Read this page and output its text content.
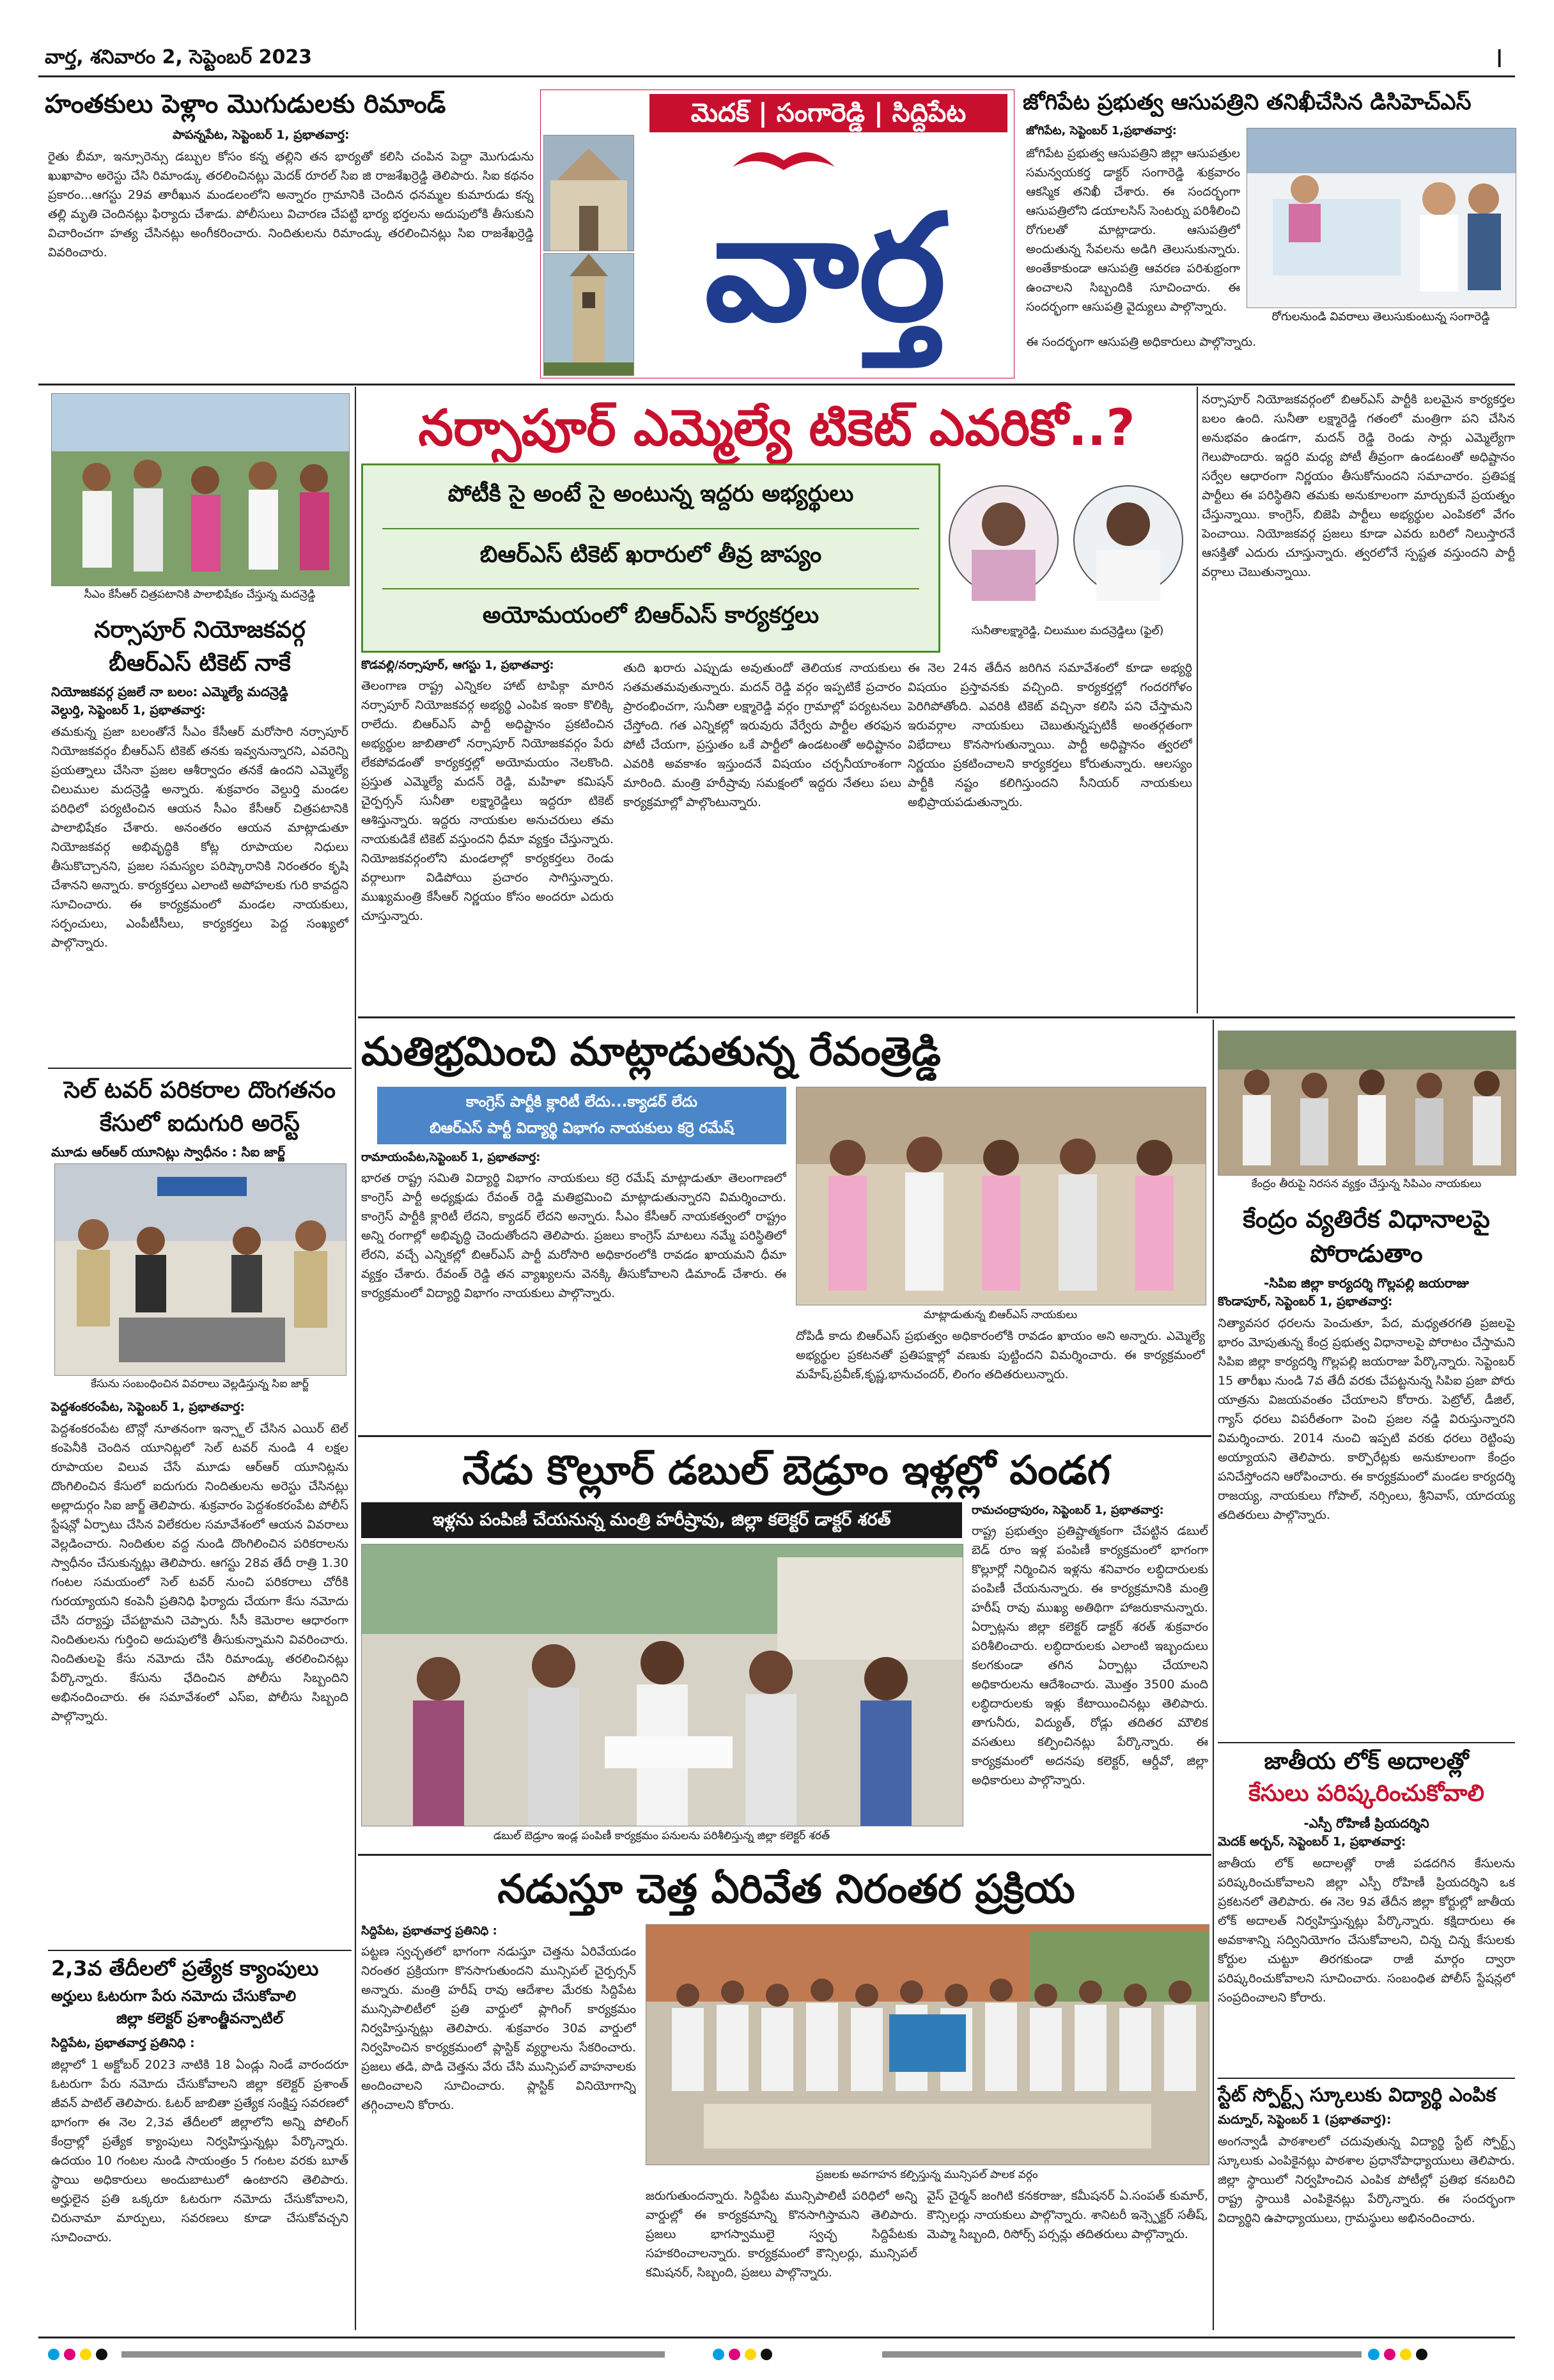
వార్త, శనివారం 2, సెప్టెంబర్ 2023	I
హంతకులు పెళ్లాం మొగుడులకు రిమాండ్
పాపన్నపేట, సెప్టెంబర్ 1, ప్రభాతవార్త:
రైతు బీమా, ఇన్సూరెన్సు డబ్బుల కోసం కన్న తల్లిని తన భార్యతో కలిసి చంపిన పెద్దా మొగుడును ఖుఖాపాం అరెస్టు చేసి రిమాండ్కు తరలించినట్లు మెదక్ రూరల్ సిఐ జి రాజశేఖర్రెడ్డి తెలిపారు. సిఐ కథనం ప్రకారం...ఆగస్టు 29వ తారీఖున మండలంలోని అన్నారం గ్రామానికి చెందిన ధనమ్మల కుమారుడు కన్న తల్లి మృతి చెందినట్లు ఫిర్యాదు చేశాడు. పోలీసులు విచారణ చేపట్టి భార్య భర్తలను అదుపులోకి తీసుకుని విచారించగా హత్య చేసినట్లు అంగీకరించారు. నిందితులను రిమాండ్కు తరలించినట్లు సిఐ రాజశేఖర్రెడ్డి వివరించారు.
మెదక్ | సంగారెడ్డి | సిద్దిపేట
వార్త
జోగిపేట ప్రభుత్వ ఆసుపత్రిని తనిఖీచేసిన డిసిహెచ్ఎస్
జోగిపేట, సెప్టెంబర్ 1,ప్రభాతవార్త:
జోగిపేట ప్రభుత్వ ఆసుపత్రిని జిల్లా ఆసుపత్రుల సమన్వయకర్త డాక్టర్ సంగారెడ్డి శుక్రవారం ఆకస్మిక తనిఖీ చేశారు. ఈ సందర్భంగా ఆసుపత్రిలోని డయాలసిస్ సెంటర్ను పరిశీలించి రోగులతో మాట్లాడారు. ఆసుపత్రిలో అందుతున్న సేవలను అడిగి తెలుసుకున్నారు. అంతేకాకుండా ఆసుపత్రి ఆవరణ పరిశుభ్రంగా ఉంచాలని సిబ్బందికి సూచించారు. ఈ సందర్భంగా ఆసుపత్రి వైద్యులు పాల్గొన్నారు.
రోగులనుండి వివరాలు తెలుసుకుంటున్న సంగారెడ్డి
ఈ సందర్భంగా ఆసుపత్రి అధికారులు పాల్గొన్నారు.
సీఎం కేసీఆర్ చిత్రపటానికి పాలాభిషేకం చేస్తున్న మదన్రెడ్డి
నర్సాపూర్ నియోజకవర్గ బీఆర్ఎస్ టికెట్ నాకే
నియోజకవర్గ ప్రజలే నా బలం: ఎమ్మెల్యే మదన్రెడ్డి
వెల్దుర్తి, సెప్టెంబర్ 1, ప్రభాతవార్త:
తమకున్న ప్రజా బలంతోనే సీఎం కేసీఆర్ మరోసారి నర్సాపూర్ నియోజకవర్గం బీఆర్ఎస్ టికెట్ తనకు ఇవ్వనున్నారని, ఎవరెన్ని ప్రయత్నాలు చేసినా ప్రజల ఆశీర్వాదం తనకే ఉందని ఎమ్మెల్యే చిలుముల మదన్రెడ్డి అన్నారు. శుక్రవారం వెల్దుర్తి మండల పరిధిలో పర్యటించిన ఆయన సీఎం కేసీఆర్ చిత్రపటానికి పాలాభిషేకం చేశారు. అనంతరం ఆయన మాట్లాడుతూ నియోజకవర్గ అభివృద్ధికి కోట్ల రూపాయల నిధులు తీసుకొచ్చానని, ప్రజల సమస్యల పరిష్కారానికి నిరంతరం కృషి చేశానని అన్నారు. కార్యకర్తలు ఎలాంటి అపోహలకు గురి కావద్దని సూచించారు. ఈ కార్యక్రమంలో మండల నాయకులు, సర్పంచులు, ఎంపీటీసీలు, కార్యకర్తలు పెద్ద సంఖ్యలో పాల్గొన్నారు.
సెల్ టవర్ పరికరాల దొంగతనం కేసులో ఐదుగురి అరెస్ట్
మూడు ఆర్ఆర్ యూనిట్లు స్వాధీనం : సిఐ జార్జ్
కేసును సంబంధించిన వివరాలు వెల్లడిస్తున్న సిఐ జార్జ్
పెద్దశంకరంపేట, సెప్టెంబర్ 1, ప్రభాతవార్త:
పెద్దశంకరంపేట టౌన్లో నూతనంగా ఇన్స్టాల్ చేసిన ఎయిర్ టెల్ కంపెనీకి చెందిన యూనిట్లలో సెల్ టవర్ నుండి 4 లక్షల రూపాయల విలువ చేసే మూడు ఆర్ఆర్ యూనిట్లను దొంగిలించిన కేసులో ఐదుగురు నిందితులను అరెస్టు చేసినట్లు అల్లాదుర్గం సిఐ జార్జ్ తెలిపారు. శుక్రవారం పెద్దశంకరంపేట పోలీస్ స్టేషన్లో ఏర్పాటు చేసిన విలేకరుల సమావేశంలో ఆయన వివరాలు వెల్లడించారు. నిందితుల వద్ద నుండి దొంగిలించిన పరికరాలను స్వాధీనం చేసుకున్నట్లు తెలిపారు. ఆగస్టు 28వ తేదీ రాత్రి 1.30 గంటల సమయంలో సెల్ టవర్ నుంచి పరికరాలు చోరీకి గురయ్యాయని కంపెనీ ప్రతినిధి ఫిర్యాదు చేయగా కేసు నమోదు చేసి దర్యాప్తు చేపట్టామని చెప్పారు. సీసీ కెమెరాల ఆధారంగా నిందితులను గుర్తించి అదుపులోకి తీసుకున్నామని వివరించారు. నిందితులపై కేసు నమోదు చేసి రిమాండ్కు తరలించినట్లు పేర్కొన్నారు. కేసును ఛేదించిన పోలీసు సిబ్బందిని అభినందించారు. ఈ సమావేశంలో ఎస్ఐ, పోలీసు సిబ్బంది పాల్గొన్నారు.
2,3వ తేదీలలో ప్రత్యేక క్యాంపులు
అర్హులు ఓటరుగా పేరు నమోదు చేసుకోవాలి
జిల్లా కలెక్టర్ ప్రశాంత్జీవన్పాటిల్
సిద్దిపేట, ప్రభాతవార్త ప్రతినిధి :
జిల్లాలో 1 అక్టోబర్ 2023 నాటికి 18 ఏండ్లు నిండే వారందరూ ఓటరుగా పేరు నమోదు చేసుకోవాలని జిల్లా కలెక్టర్ ప్రశాంత్ జీవన్ పాటిల్ తెలిపారు. ఓటర్ జాబితా ప్రత్యేక సంక్షిప్త సవరణలో భాగంగా ఈ నెల 2,3వ తేదీలలో జిల్లాలోని అన్ని పోలింగ్ కేంద్రాల్లో ప్రత్యేక క్యాంపులు నిర్వహిస్తున్నట్లు పేర్కొన్నారు. ఉదయం 10 గంటల నుండి సాయంత్రం 5 గంటల వరకు బూత్ స్థాయి అధికారులు అందుబాటులో ఉంటారని తెలిపారు. అర్హులైన ప్రతి ఒక్కరూ ఓటరుగా నమోదు చేసుకోవాలని, చిరునామా మార్పులు, సవరణలు కూడా చేసుకోవచ్చని సూచించారు.
నర్సాపూర్ ఎమ్మెల్యే టికెట్ ఎవరికో..?
పోటీకి సై అంటే సై అంటున్న ఇద్దరు అభ్యర్థులు
బిఆర్ఎస్ టికెట్ ఖరారులో తీవ్ర జాప్యం
అయోమయంలో బిఆర్ఎస్ కార్యకర్తలు
సునీతాలక్ష్మారెడ్డి, చిలుముల మదన్రెడ్డిలు (ఫైల్)
కొడవల్లి/నర్సాపూర్, ఆగస్టు 1, ప్రభాతవార్త:
తెలంగాణ రాష్ట్ర ఎన్నికల హాట్ టాపిక్గా మారిన నర్సాపూర్ నియోజకవర్గ అభ్యర్థి ఎంపిక ఇంకా కొలిక్కి రాలేదు. బిఆర్ఎస్ పార్టీ అధిష్టానం ప్రకటించిన అభ్యర్థుల జాబితాలో నర్సాపూర్ నియోజకవర్గం పేరు లేకపోవడంతో కార్యకర్తల్లో అయోమయం నెలకొంది. ప్రస్తుత ఎమ్మెల్యే మదన్ రెడ్డి, మహిళా కమిషన్ చైర్పర్సన్ సునీతా లక్ష్మారెడ్డిలు ఇద్దరూ టికెట్ ఆశిస్తున్నారు. ఇద్దరు నాయకుల అనుచరులు తమ నాయకుడికే టికెట్ వస్తుందని ధీమా వ్యక్తం చేస్తున్నారు. నియోజకవర్గంలోని మండలాల్లో కార్యకర్తలు రెండు వర్గాలుగా విడిపోయి ప్రచారం సాగిస్తున్నారు. ముఖ్యమంత్రి కేసీఆర్ నిర్ణయం కోసం అందరూ ఎదురు చూస్తున్నారు.
తుది ఖరారు ఎప్పుడు అవుతుందో తెలియక నాయకులు సతమతమవుతున్నారు. మదన్ రెడ్డి వర్గం ఇప్పటికే ప్రచారం ప్రారంభించగా, సునీతా లక్ష్మారెడ్డి వర్గం గ్రామాల్లో పర్యటనలు చేస్తోంది. గత ఎన్నికల్లో ఇరువురు వేర్వేరు పార్టీల తరఫున పోటీ చేయగా, ప్రస్తుతం ఒకే పార్టీలో ఉండటంతో అధిష్టానం ఎవరికి అవకాశం ఇస్తుందనే విషయం చర్చనీయాంశంగా మారింది. మంత్రి హరీష్రావు సమక్షంలో ఇద్దరు నేతలు పలు కార్యక్రమాల్లో పాల్గొంటున్నారు.
ఈ నెల 24న తేదీన జరిగిన సమావేశంలో కూడా అభ్యర్థి విషయం ప్రస్తావనకు వచ్చింది. కార్యకర్తల్లో గందరగోళం పెరిగిపోతోంది. ఎవరికి టికెట్ వచ్చినా కలిసి పని చేస్తామని ఇరువర్గాల నాయకులు చెబుతున్నప్పటికీ అంతర్గతంగా విభేదాలు కొనసాగుతున్నాయి. పార్టీ అధిష్టానం త్వరలో నిర్ణయం ప్రకటించాలని కార్యకర్తలు కోరుతున్నారు. ఆలస్యం పార్టీకి నష్టం కలిగిస్తుందని సీనియర్ నాయకులు అభిప్రాయపడుతున్నారు.
నర్సాపూర్ నియోజకవర్గంలో బిఆర్ఎస్ పార్టీకి బలమైన కార్యకర్తల బలం ఉంది. సునీతా లక్ష్మారెడ్డి గతంలో మంత్రిగా పని చేసిన అనుభవం ఉండగా, మదన్ రెడ్డి రెండు సార్లు ఎమ్మెల్యేగా గెలుపొందారు. ఇద్దరి మధ్య పోటీ తీవ్రంగా ఉండటంతో అధిష్టానం సర్వేల ఆధారంగా నిర్ణయం తీసుకోనుందని సమాచారం. ప్రతిపక్ష పార్టీలు ఈ పరిస్థితిని తమకు అనుకూలంగా మార్చుకునే ప్రయత్నం చేస్తున్నాయి. కాంగ్రెస్, బిజెపి పార్టీలు అభ్యర్థుల ఎంపికలో వేగం పెంచాయి. నియోజకవర్గ ప్రజలు కూడా ఎవరు బరిలో నిలుస్తారనే ఆసక్తితో ఎదురు చూస్తున్నారు. త్వరలోనే స్పష్టత వస్తుందని పార్టీ వర్గాలు చెబుతున్నాయి.
మతిభ్రమించి మాట్లాడుతున్న రేవంత్రెడ్డి
కాంగ్రెస్ పార్టీకి క్లారిటీ లేదు...క్యాడర్ లేదు
బిఆర్ఎస్ పార్టీ విద్యార్థి విభాగం నాయకులు కర్రె రమేష్
రామాయంపేట,సెప్టెంబర్ 1, ప్రభాతవార్త:
భారత రాష్ట్ర సమితి విద్యార్థి విభాగం నాయకులు కర్రె రమేష్ మాట్లాడుతూ తెలంగాణలో కాంగ్రెస్ పార్టీ అధ్యక్షుడు రేవంత్ రెడ్డి మతిభ్రమించి మాట్లాడుతున్నారని విమర్శించారు. కాంగ్రెస్ పార్టీకి క్లారిటీ లేదని, క్యాడర్ లేదని అన్నారు. సీఎం కేసీఆర్ నాయకత్వంలో రాష్ట్రం అన్ని రంగాల్లో అభివృద్ధి చెందుతోందని తెలిపారు. ప్రజలు కాంగ్రెస్ మాటలు నమ్మే పరిస్థితిలో లేరని, వచ్చే ఎన్నికల్లో బిఆర్ఎస్ పార్టీ మరోసారి అధికారంలోకి రావడం ఖాయమని ధీమా వ్యక్తం చేశారు. రేవంత్ రెడ్డి తన వ్యాఖ్యలను వెనక్కి తీసుకోవాలని డిమాండ్ చేశారు. ఈ కార్యక్రమంలో విద్యార్థి విభాగం నాయకులు పాల్గొన్నారు.
మాట్లాడుతున్న బిఆర్ఎస్ నాయకులు
దోపిడీ కాదు బిఆర్ఎస్ ప్రభుత్వం అధికారంలోకి రావడం ఖాయం అని అన్నారు. ఎమ్మెల్యే అభ్యర్థుల ప్రకటనతో ప్రతిపక్షాల్లో వణుకు పుట్టిందని విమర్శించారు. ఈ కార్యక్రమంలో మహేష్,ప్రవీణ్,కృష్ణ,భానుచందర్, లింగం తదితరులున్నారు.
కేంద్రం తీరుపై నిరసన వ్యక్తం చేస్తున్న సిపిఎం నాయకులు
కేంద్రం వ్యతిరేక విధానాలపై పోరాడుతాం
-సిపిఐ జిల్లా కార్యదర్శి గొల్లపల్లి జయరాజు
కొండాపూర్, సెప్టెంబర్ 1, ప్రభాతవార్త:
నిత్యావసర ధరలను పెంచుతూ, పేద, మధ్యతరగతి ప్రజలపై భారం మోపుతున్న కేంద్ర ప్రభుత్వ విధానాలపై పోరాటం చేస్తామని సిపిఐ జిల్లా కార్యదర్శి గొల్లపల్లి జయరాజు పేర్కొన్నారు. సెప్టెంబర్ 15 తారీఖు నుండి 7వ తేదీ వరకు చేపట్టనున్న సిపిఐ ప్రజా పోరు యాత్రను విజయవంతం చేయాలని కోరారు. పెట్రోల్, డీజిల్, గ్యాస్ ధరలు విపరీతంగా పెంచి ప్రజల నడ్డి విరుస్తున్నారని విమర్శించారు. 2014 నుంచి ఇప్పటి వరకు ధరలు రెట్టింపు అయ్యాయని తెలిపారు. కార్పొరేట్లకు అనుకూలంగా కేంద్రం పనిచేస్తోందని ఆరోపించారు. ఈ కార్యక్రమంలో మండల కార్యదర్శి రాజయ్య, నాయకులు గోపాల్, నర్సింలు, శ్రీనివాస్, యాదయ్య తదితరులు పాల్గొన్నారు.
జాతీయ లోక్ అదాలత్లో
కేసులు పరిష్కరించుకోవాలి
-ఎస్పీ రోహిణీ ప్రియదర్శిని
మెదక్ అర్బన్, సెప్టెంబర్ 1, ప్రభాతవార్త:
జాతీయ లోక్ అదాలత్లో రాజీ పడదగిన కేసులను పరిష్కరించుకోవాలని జిల్లా ఎస్పీ రోహిణీ ప్రియదర్శిని ఒక ప్రకటనలో తెలిపారు. ఈ నెల 9వ తేదీన జిల్లా కోర్టుల్లో జాతీయ లోక్ అదాలత్ నిర్వహిస్తున్నట్లు పేర్కొన్నారు. కక్షిదారులు ఈ అవకాశాన్ని సద్వినియోగం చేసుకోవాలని, చిన్న చిన్న కేసులకు కోర్టుల చుట్టూ తిరగకుండా రాజీ మార్గం ద్వారా పరిష్కరించుకోవాలని సూచించారు. సంబంధిత పోలీస్ స్టేషన్లలో సంప్రదించాలని కోరారు.
స్టేట్ స్పోర్ట్స్ స్కూలుకు విద్యార్థి ఎంపిక
మద్నూర్, సెప్టెంబర్ 1 (ప్రభాతవార్త):
అంగన్వాడీ పాఠశాలలో చదువుతున్న విద్యార్థి స్టేట్ స్పోర్ట్స్ స్కూలుకు ఎంపికైనట్లు పాఠశాల ప్రధానోపాధ్యాయులు తెలిపారు. జిల్లా స్థాయిలో నిర్వహించిన ఎంపిక పోటీల్లో ప్రతిభ కనబరిచి రాష్ట్ర స్థాయికి ఎంపికైనట్లు పేర్కొన్నారు. ఈ సందర్భంగా విద్యార్థిని ఉపాధ్యాయులు, గ్రామస్థులు అభినందించారు.
నేడు కొల్లూర్ డబుల్ బెడ్రూం ఇళ్లల్లో పండగ
ఇళ్లను పంపిణీ చేయనున్న మంత్రి హరీష్రావు, జిల్లా కలెక్టర్ డాక్టర్ శరత్
డబుల్ బెడ్రూం ఇండ్ల పంపిణీ కార్యక్రమం పనులను పరిశీలిస్తున్న జిల్లా కలెక్టర్ శరత్
రామచంద్రాపురం, సెప్టెంబర్ 1, ప్రభాతవార్త:
రాష్ట్ర ప్రభుత్వం ప్రతిష్టాత్మకంగా చేపట్టిన డబుల్ బెడ్ రూం ఇళ్ల పంపిణీ కార్యక్రమంలో భాగంగా కొల్లూర్లో నిర్మించిన ఇళ్లను శనివారం లబ్ధిదారులకు పంపిణీ చేయనున్నారు. ఈ కార్యక్రమానికి మంత్రి హరీష్ రావు ముఖ్య అతిథిగా హాజరుకానున్నారు. ఏర్పాట్లను జిల్లా కలెక్టర్ డాక్టర్ శరత్ శుక్రవారం పరిశీలించారు. లబ్ధిదారులకు ఎలాంటి ఇబ్బందులు కలగకుండా తగిన ఏర్పాట్లు చేయాలని అధికారులను ఆదేశించారు. మొత్తం 3500 మంది లబ్ధిదారులకు ఇళ్లు కేటాయించినట్లు తెలిపారు. తాగునీరు, విద్యుత్, రోడ్లు తదితర మౌలిక వసతులు కల్పించినట్లు పేర్కొన్నారు. ఈ కార్యక్రమంలో అదనపు కలెక్టర్, ఆర్డీవో, జిల్లా అధికారులు పాల్గొన్నారు.
నడుస్తూ చెత్త ఏరివేత నిరంతర ప్రక్రియ
సిద్దిపేట, ప్రభాతవార్త ప్రతినిధి :
పట్టణ స్వచ్ఛతలో భాగంగా నడుస్తూ చెత్తను ఏరివేయడం నిరంతర ప్రక్రియగా కొనసాగుతుందని మున్సిపల్ చైర్పర్సన్ అన్నారు. మంత్రి హరీష్ రావు ఆదేశాల మేరకు సిద్దిపేట మున్సిపాలిటీలో ప్రతి వార్డులో ప్లాగింగ్ కార్యక్రమం నిర్వహిస్తున్నట్లు తెలిపారు. శుక్రవారం 30వ వార్డులో నిర్వహించిన కార్యక్రమంలో ప్లాస్టిక్ వ్యర్థాలను సేకరించారు. ప్రజలు తడి, పొడి చెత్తను వేరు చేసి మున్సిపల్ వాహనాలకు అందించాలని సూచించారు. ప్లాస్టిక్ వినియోగాన్ని తగ్గించాలని కోరారు.
ప్రజలకు అవగాహన కల్పిస్తున్న మున్సిపల్ పాలక వర్గం
జరుగుతుందన్నారు. సిద్దిపేట మున్సిపాలిటీ పరిధిలో అన్ని వార్డుల్లో ఈ కార్యక్రమాన్ని కొనసాగిస్తామని తెలిపారు. ప్రజలు భాగస్వాములై స్వచ్ఛ సిద్దిపేటకు సహకరించాలన్నారు. కార్యక్రమంలో కౌన్సిలర్లు, మున్సిపల్ కమిషనర్, సిబ్బంది, ప్రజలు పాల్గొన్నారు.
వైస్ చైర్మన్ జంగిటి కనకరాజు, కమీషనర్ ఏ.సంపత్ కుమార్, కౌన్సిలర్లు నాయకులు పాల్గొన్నారు. శానిటరీ ఇన్స్పెక్టర్ సతీష్, మెప్మా సిబ్బంది, రిసోర్స్ పర్సన్లు తదితరులు పాల్గొన్నారు.
